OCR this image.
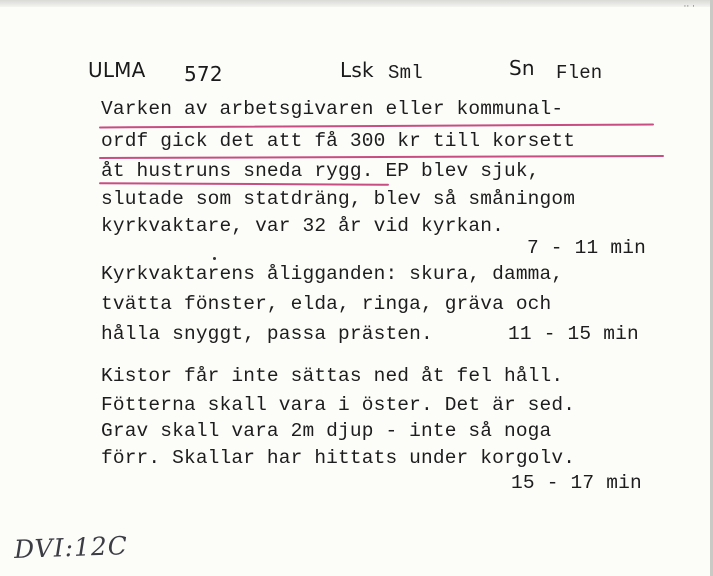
·· ·
ULMA 572	Lsk Sml	Sn Flen
Varken av arbetsgivaren eller kommunal-
ordf gick det att få 300 kr till korsett
åt hustruns sneda rygg. EP blev sjuk,
slutade som statdräng, blev så småningom
kyrkvaktare, var 32 år vid kyrkan.
7 - 11 min
Kyrkvaktarens åligganden: skura, damma,
tvätta fönster, elda, ringa, gräva och
hålla snyggt, passa prästen.	11 - 15 min
Kistor får inte sättas ned åt fel håll.
Fötterna skall vara i öster. Det är sed.
Grav skall vara 2m djup - inte så noga
förr. Skallar har hittats under korgolv.
15 - 17 min
DVI:12C
